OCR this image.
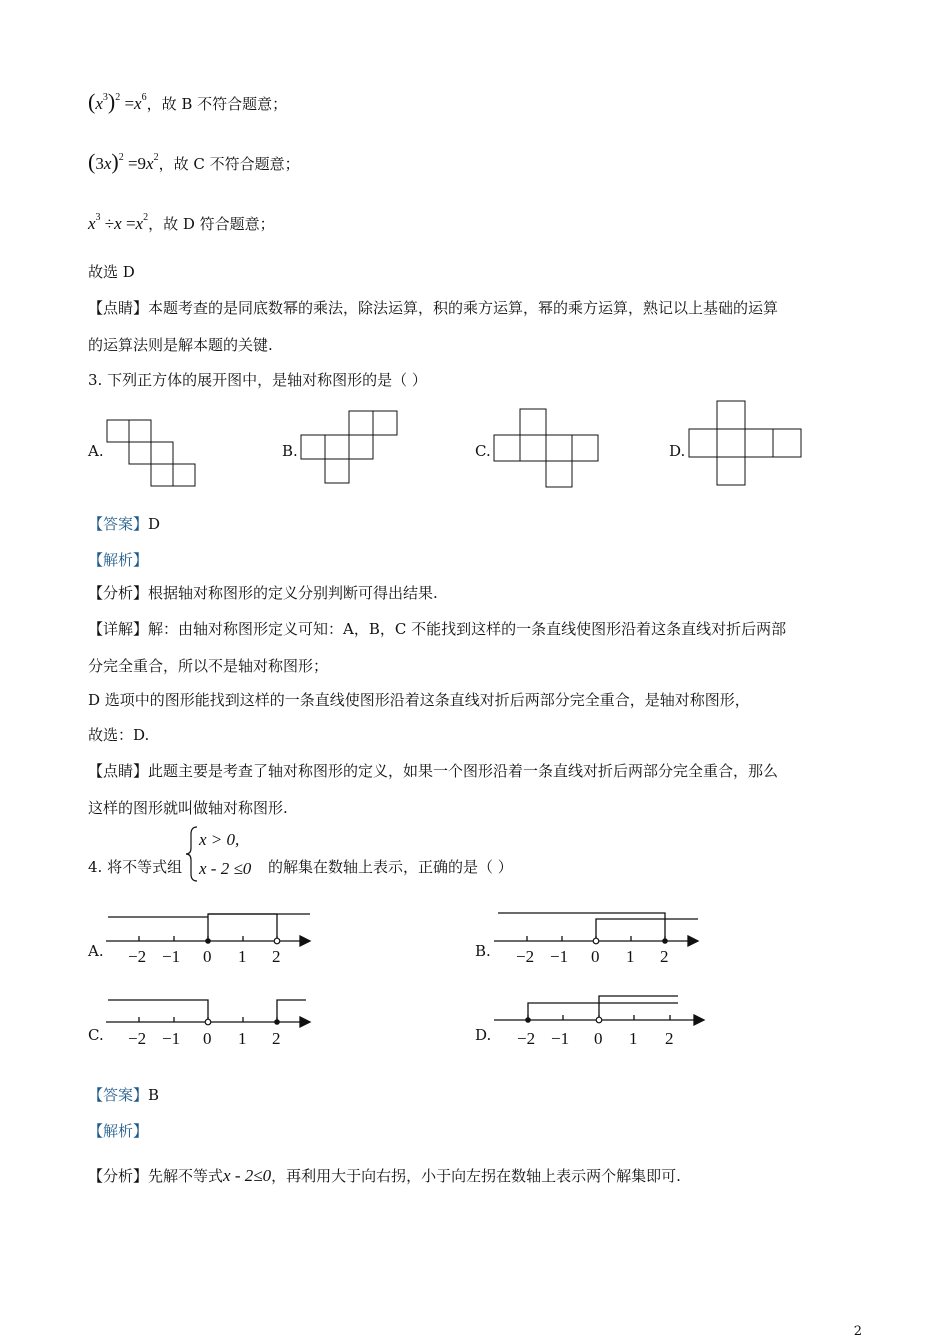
$(x^3)^2 =x^6$，故 B 不符合题意；
$(3x)^2 =9x^2$，故 C 不符合题意；
$x^3 \div x =x^2$，故 D 符合题意；
故选 D
【点睛】本题考查的是同底数幂的乘法，除法运算，积的乘方运算，幂的乘方运算，熟记以上基础的运算
的运算法则是解本题的关键.
3. 下列正方体的展开图中，是轴对称图形的是（ ）
A.	B.	C.	D.
【答案】D
【解析】
【分析】根据轴对称图形的定义分别判断可得出结果.
【详解】解：由轴对称图形定义可知：A，B，C 不能找到这样的一条直线使图形沿着这条直线对折后两部
分完全重合，所以不是轴对称图形；
D 选项中的图形能找到这样的一条直线使图形沿着这条直线对折后两部分完全重合，是轴对称图形，
故选：D.
【点睛】此题主要是考查了轴对称图形的定义，如果一个图形沿着一条直线对折后两部分完全重合，那么
这样的图形就叫做轴对称图形.
4. 将不等式组
x > 0,
x - 2 ≤0 的解集在数轴上表示，正确的是（ ）
A. −2 −1 0 1 2	B. −2 −1 0 1 2
C. −2 −1 0 1 2	D. −2 −1 0 1 2
【答案】B
【解析】
【分析】先解不等式x - 2≤0，再利用大于向右拐，小于向左拐在数轴上表示两个解集即可.
2
